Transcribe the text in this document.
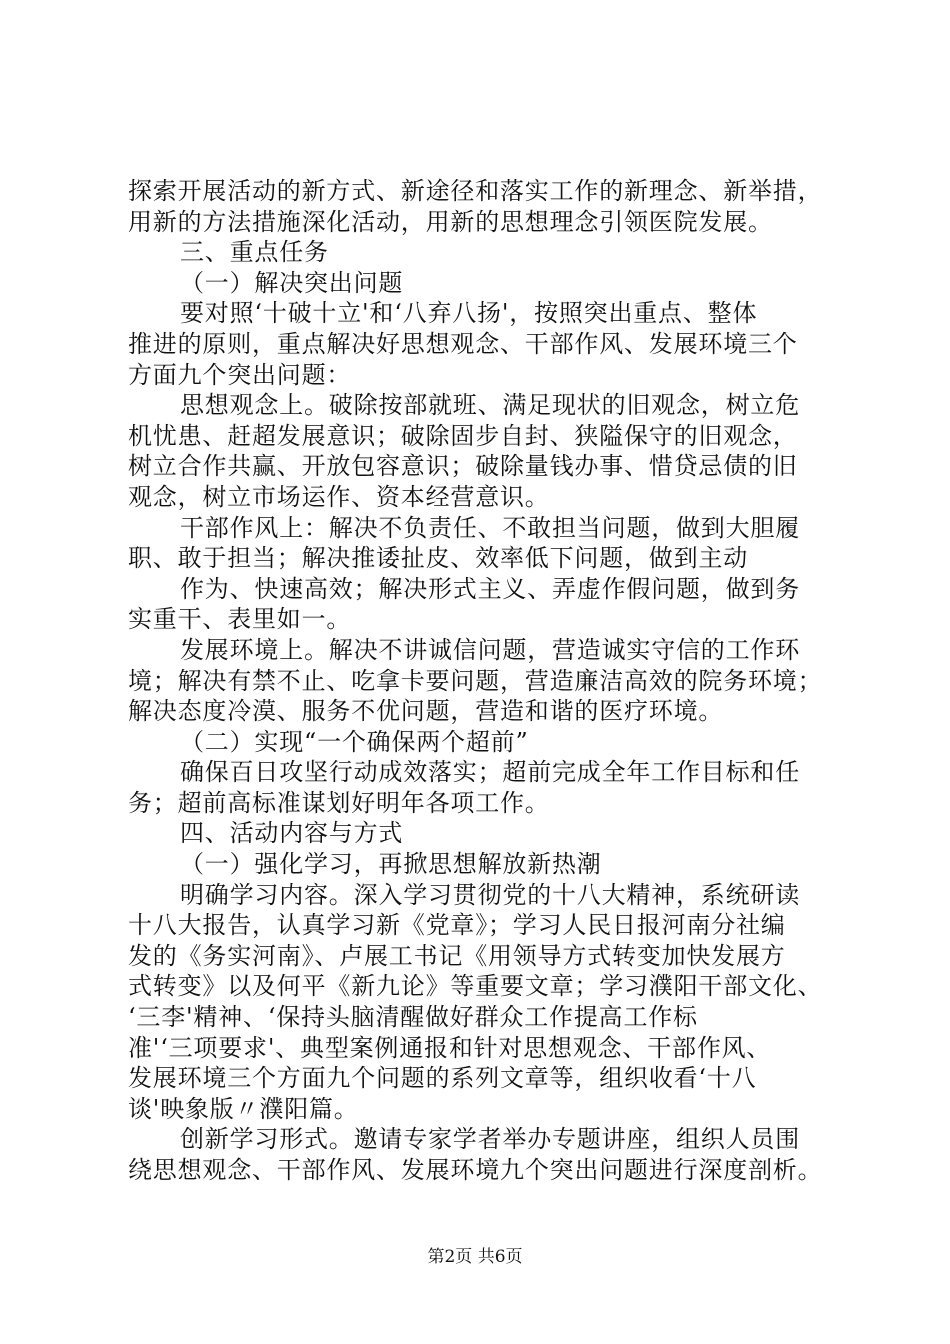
探索开展活动的新方式、新途径和落实工作的新理念、新举措，
用新的方法措施深化活动，用新的思想理念引领医院发展。
三、重点任务
（一）解决突出问题
要对照‘十破十立'和‘八弃八扬'，按照突出重点、整体
推进的原则，重点解决好思想观念、干部作风、发展环境三个
方面九个突出问题：
思想观念上。破除按部就班、满足现状的旧观念，树立危
机忧患、赶超发展意识；破除固步自封、狭隘保守的旧观念，
树立合作共赢、开放包容意识；破除量钱办事、惜贷忌债的旧
观念，树立市场运作、资本经营意识。
干部作风上：解决不负责任、不敢担当问题，做到大胆履
职、敢于担当；解决推诿扯皮、效率低下问题，做到主动
作为、快速高效；解决形式主义、弄虚作假问题，做到务
实重干、表里如一。
发展环境上。解决不讲诚信问题，营造诚实守信的工作环
境；解决有禁不止、吃拿卡要问题，营造廉洁高效的院务环境；
解决态度冷漠、服务不优问题，营造和谐的医疗环境。
（二）实现“一个确保两个超前”
确保百日攻坚行动成效落实；超前完成全年工作目标和任
务；超前高标准谋划好明年各项工作。
四、活动内容与方式
（一）强化学习，再掀思想解放新热潮
明确学习内容。深入学习贯彻党的十八大精神，系统研读
十八大报告，认真学习新《党章》；学习人民日报河南分社编
发的《务实河南》、卢展工书记《用领导方式转变加快发展方
式转变》以及何平《新九论》等重要文章；学习濮阳干部文化、
‘三李'精神、‘保持头脑清醒做好群众工作提高工作标
准'‘三项要求'、典型案例通报和针对思想观念、干部作风、
发展环境三个方面九个问题的系列文章等，组织收看‘十八
谈'映象版〃濮阳篇。
创新学习形式。邀请专家学者举办专题讲座，组织人员围
绕思想观念、干部作风、发展环境九个突出问题进行深度剖析。
第2页 共6页
